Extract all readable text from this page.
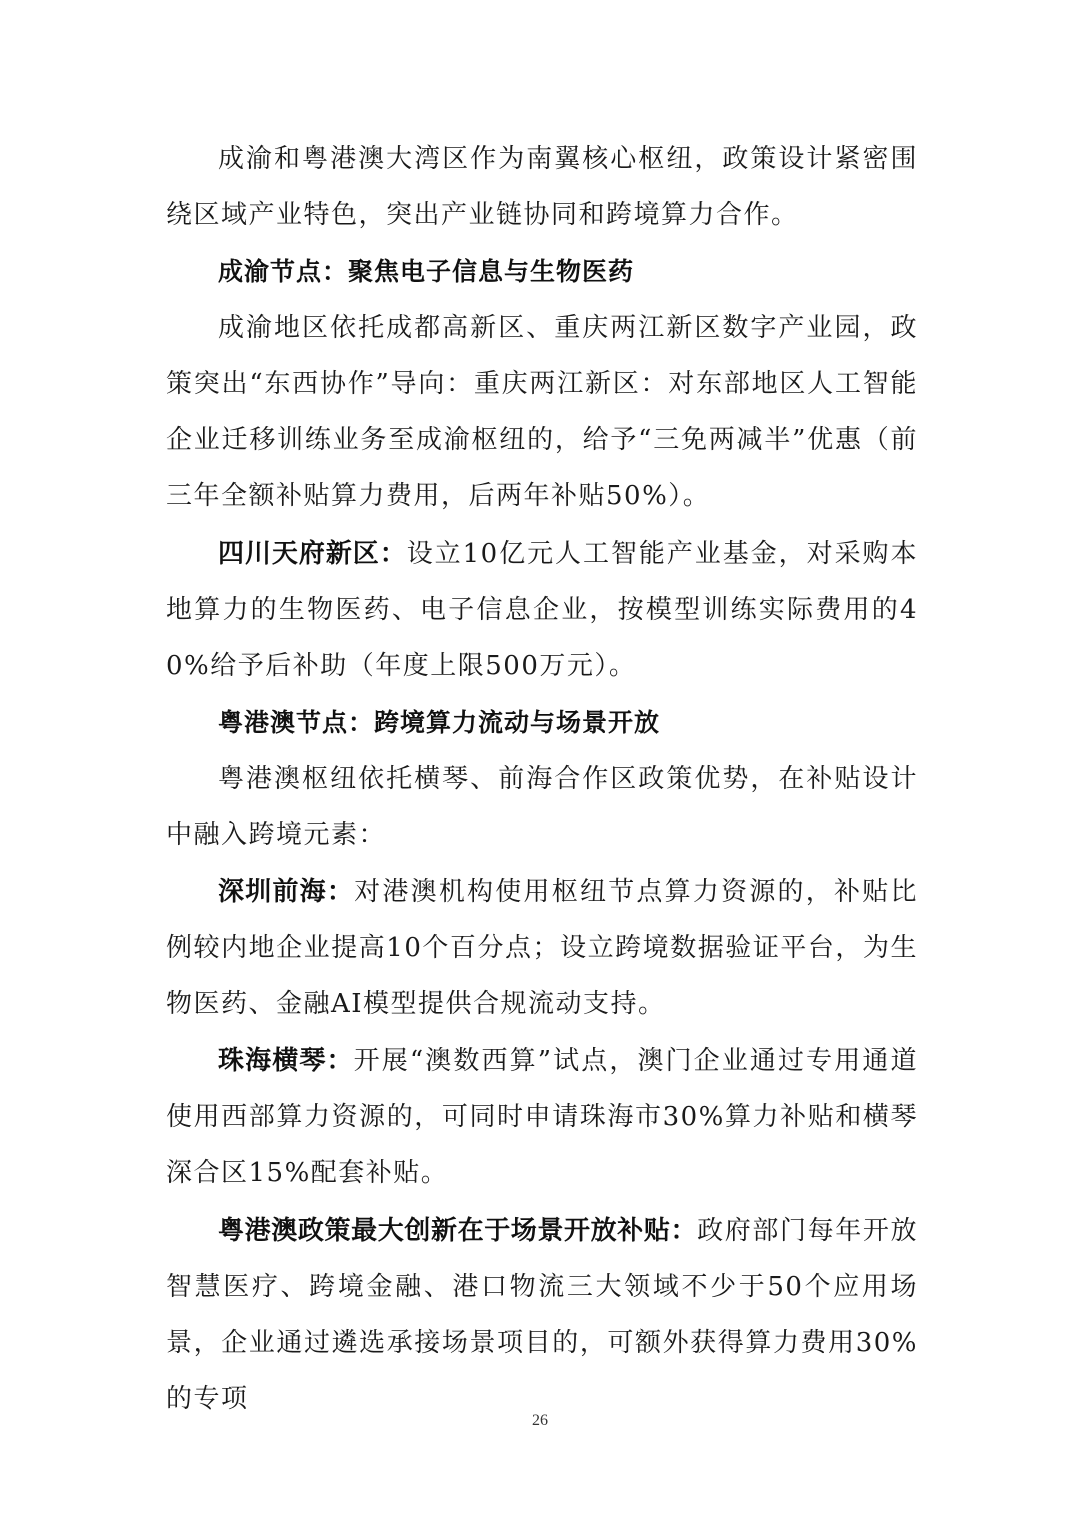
成渝和粤港澳大湾区作为南翼核心枢纽，政策设计紧密围绕区域产业特色，突出产业链协同和跨境算力合作。

成渝节点：聚焦电子信息与生物医药

成渝地区依托成都高新区、重庆两江新区数字产业园，政策突出“东西协作”导向：重庆两江新区：对东部地区人工智能企业迁移训练业务至成渝枢纽的，给予“三免两减半”优惠（前三年全额补贴算力费用，后两年补贴50%）。

四川天府新区：设立10亿元人工智能产业基金，对采购本地算力的生物医药、电子信息企业，按模型训练实际费用的40%给予后补助（年度上限500万元）。

粤港澳节点：跨境算力流动与场景开放

粤港澳枢纽依托横琴、前海合作区政策优势，在补贴设计中融入跨境元素：

深圳前海：对港澳机构使用枢纽节点算力资源的，补贴比例较内地企业提高10个百分点；设立跨境数据验证平台，为生物医药、金融AI模型提供合规流动支持。

珠海横琴：开展“澳数西算”试点，澳门企业通过专用通道使用西部算力资源的，可同时申请珠海市30%算力补贴和横琴深合区15%配套补贴。

粤港澳政策最大创新在于场景开放补贴：政府部门每年开放智慧医疗、跨境金融、港口物流三大领域不少于50个应用场景，企业通过遴选承接场景项目的，可额外获得算力费用30%的专项

26
